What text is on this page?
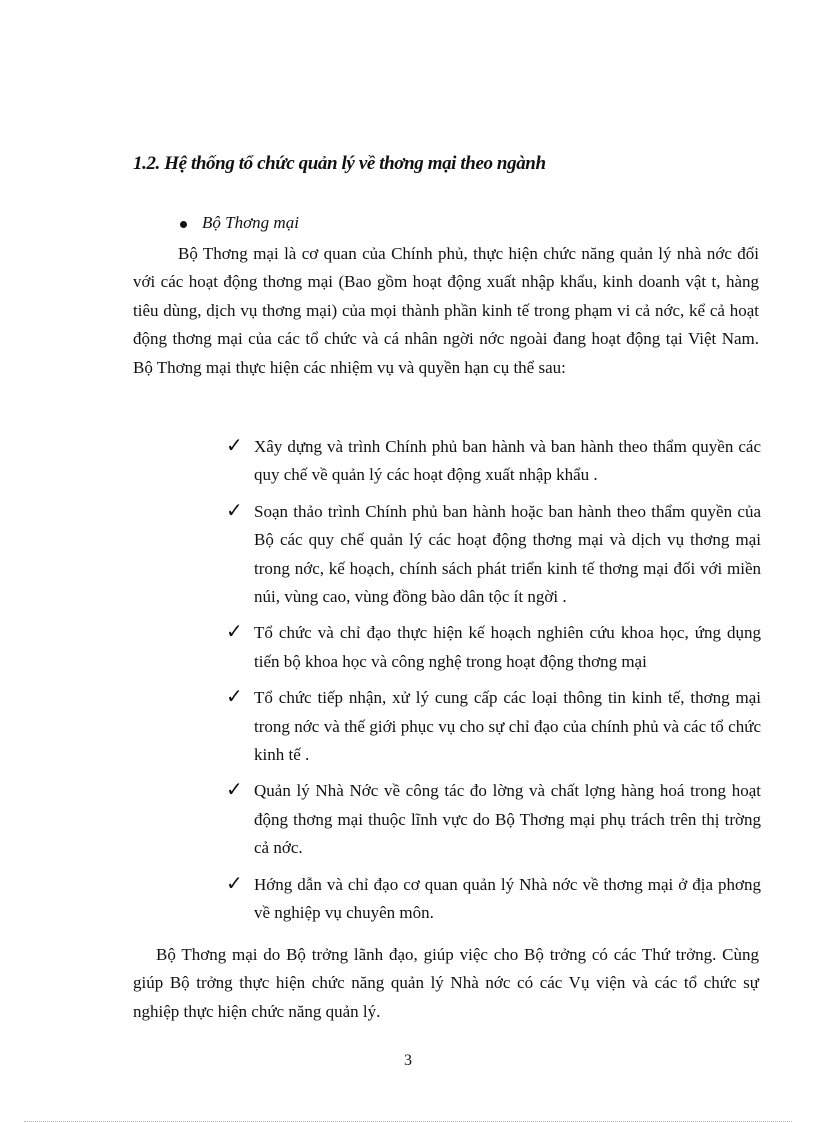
1.2. Hệ thống tổ chức quản lý về thơng mại theo ngành
Bộ Thơng mại

Bộ Thơng mại là cơ quan của Chính phủ, thực hiện chức năng quản lý nhà nớc đối với các hoạt động thơng mại (Bao gồm hoạt động xuất nhập khẩu, kinh doanh vật t, hàng tiêu dùng, dịch vụ thơng mại) của mọi thành phần kinh tế trong phạm vi cả nớc, kể cả hoạt động thơng mại của các tổ chức và cá nhân ngời nớc ngoài đang hoạt động tại Việt Nam. Bộ Thơng mại thực hiện các nhiệm vụ và quyền hạn cụ thể sau:

✓ Xây dựng và trình Chính phủ ban hành và ban hành theo thẩm quyền các quy chế về quản lý các hoạt động xuất nhập khẩu .
✓ Soạn thảo trình Chính phủ ban hành hoặc ban hành theo thẩm quyền của Bộ các quy chế quản lý các hoạt động thơng mại và dịch vụ thơng mại trong nớc, kế hoạch, chính sách phát triển kinh tế thơng mại đối với miền núi, vùng cao, vùng đồng bào dân tộc ít ngời .
✓ Tổ chức và chỉ đạo thực hiện kế hoạch nghiên cứu khoa học, ứng dụng tiến bộ khoa học và công nghệ trong hoạt động thơng mại
✓ Tổ chức tiếp nhận, xử lý cung cấp các loại thông tin kinh tế, thơng mại trong nớc và thế giới phục vụ cho sự chỉ đạo của chính phủ và các tổ chức kinh tế .
✓ Quản lý Nhà Nớc về công tác đo lờng và chất lợng hàng hoá trong hoạt động thơng mại thuộc lĩnh vực do Bộ Thơng mại phụ trách trên thị trờng cả nớc.
✓ Hớng dẫn và chỉ đạo cơ quan quản lý Nhà nớc về thơng mại ở địa phơng về nghiệp vụ chuyên môn.

Bộ Thơng mại do Bộ trởng lãnh đạo, giúp việc cho Bộ trởng có các Thứ trởng. Cùng giúp Bộ trởng thực hiện chức năng quản lý Nhà nớc có các Vụ viện và các tổ chức sự nghiệp thực hiện chức năng quản lý.

3
